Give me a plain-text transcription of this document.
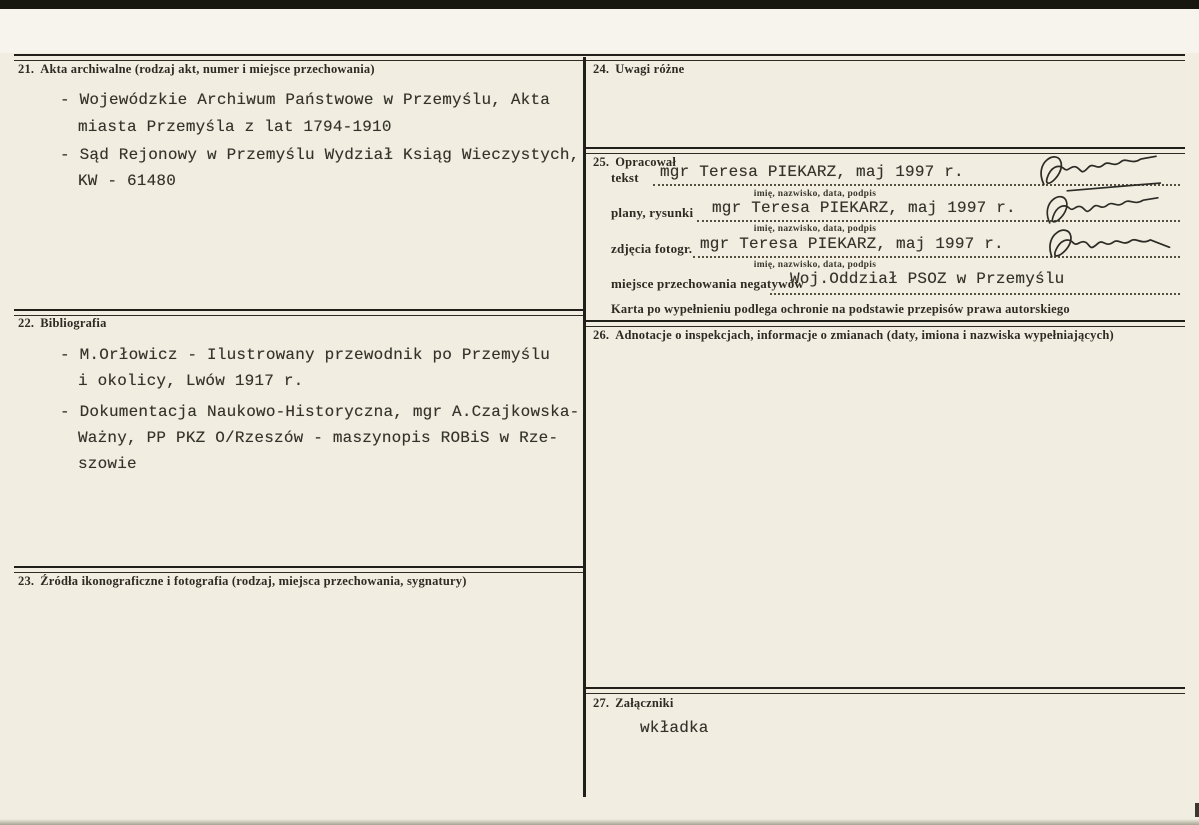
21. Akta archiwalne (rodzaj akt, numer i miejsce przechowania)
- Wojewódzkie Archiwum Państwowe w Przemyślu, Akta
miasta Przemyśla z lat 1794-1910
- Sąd Rejonowy w Przemyślu Wydział Ksiąg Wieczystych,
KW - 61480
22. Bibliografia
- M.Orłowicz - Ilustrowany przewodnik po Przemyślu
i okolicy, Lwów 1917 r.
- Dokumentacja Naukowo-Historyczna, mgr A.Czajkowska-
Ważny, PP PKZ O/Rzeszów - maszynopis ROBiS w Rze-
szowie
23. Źródła ikonograficzne i fotografia (rodzaj, miejsca przechowania, sygnatury)
24. Uwagi różne
25. Opracował
tekst mgr Teresa PIEKARZ, maj 1997 r.
imię, nazwisko, data, podpis
plany, rysunki mgr Teresa PIEKARZ, maj 1997 r.
imię, nazwisko, data, podpis
zdjęcia fotogr. mgr Teresa PIEKARZ, maj 1997 r.
imię, nazwisko, data, podpis
miejsce przechowania negatywów
Woj.Oddział PSOZ w Przemyślu
Karta po wypełnieniu podlega ochronie na podstawie przepisów prawa autorskiego
26. Adnotacje o inspekcjach, informacje o zmianach (daty, imiona i nazwiska wypełniających)
27. Załączniki
wkładka
